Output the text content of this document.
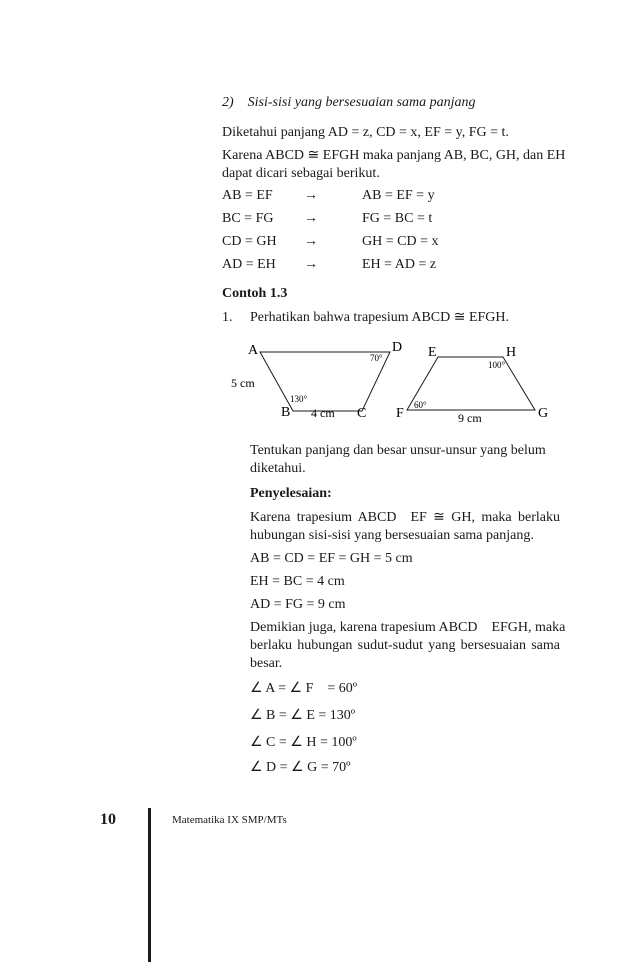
2) Sisi-sisi yang bersesuaian sama panjang
Diketahui panjang AD = z, CD = x, EF = y, FG = t.
Karena ABCD ≅ EFGH maka panjang AB, BC, GH, dan EH
dapat dicari sebagai berikut.
AB = EF →	AB = EF = y
BC = FG →	FG = BC = t
CD = GH →	GH = CD = x
AD = EH →	EH = AD = z
Contoh 1.3
1. Perhatikan bahwa trapesium ABCD ≅ EFGH.
A	D
B	C
70°
130°
5 cm
4 cm
E	H
F	G
100°
60°
9 cm
Tentukan panjang dan besar unsur-unsur yang belum
diketahui.
Penyelesaian:
Karena trapesium ABCD EF ≅ GH, maka berlaku
hubungan sisi-sisi yang bersesuaian sama panjang.
AB = CD = EF = GH = 5 cm
EH = BC = 4 cm
AD = FG = 9 cm
Demikian juga, karena trapesium ABCD EFGH, maka
berlaku hubungan sudut-sudut yang bersesuaian sama
besar.
∠ A = ∠ F = 60º
∠ B = ∠ E = 130º
∠ C = ∠ H = 100º
∠ D = ∠ G = 70º
10	Matematika IX SMP/MTs
